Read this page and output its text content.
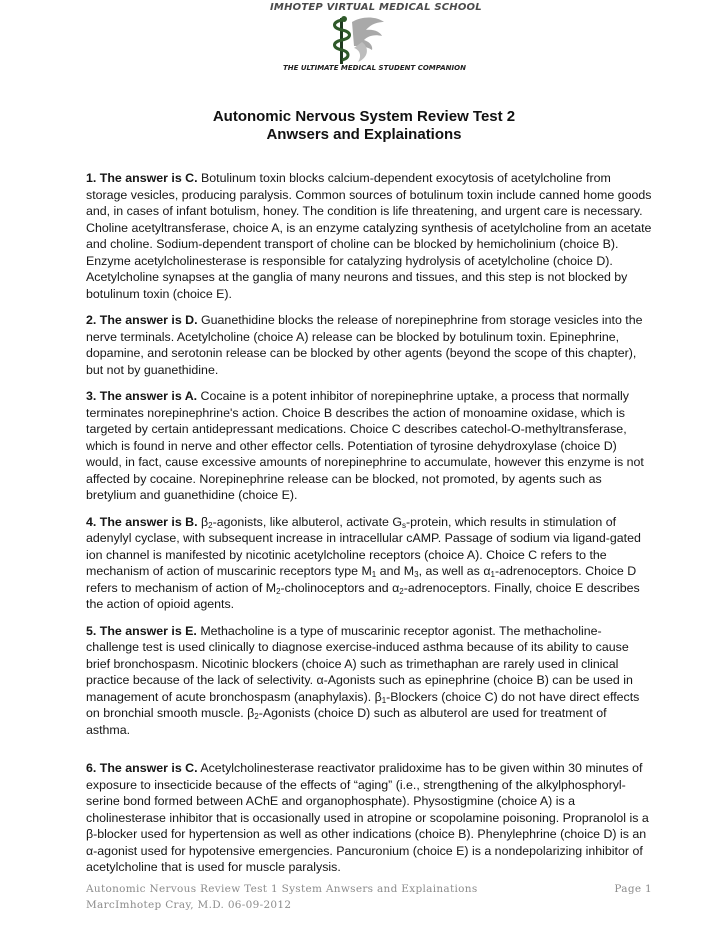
IMHOTEP VIRTUAL MEDICAL SCHOOL
THE ULTIMATE MEDICAL STUDENT COMPANION
Autonomic Nervous System Review Test 2
Anwsers and Explainations

1. The answer is C. Botulinum toxin blocks calcium-dependent exocytosis of acetylcholine from storage vesicles, producing paralysis. Common sources of botulinum toxin include canned home goods and, in cases of infant botulism, honey. The condition is life threatening, and urgent care is necessary. Choline acetyltransferase, choice A, is an enzyme catalyzing synthesis of acetylcholine from an acetate and choline. Sodium-dependent transport of choline can be blocked by hemicholinium (choice B). Enzyme acetylcholinesterase is responsible for catalyzing hydrolysis of acetylcholine (choice D). Acetylcholine synapses at the ganglia of many neurons and tissues, and this step is not blocked by botulinum toxin (choice E).

2. The answer is D. Guanethidine blocks the release of norepinephrine from storage vesicles into the nerve terminals. Acetylcholine (choice A) release can be blocked by botulinum toxin. Epinephrine, dopamine, and serotonin release can be blocked by other agents (beyond the scope of this chapter), but not by guanethidine.

3. The answer is A. Cocaine is a potent inhibitor of norepinephrine uptake, a process that normally terminates norepinephrine's action. Choice B describes the action of monoamine oxidase, which is targeted by certain antidepressant medications. Choice C describes catechol-O-methyltransferase, which is found in nerve and other effector cells. Potentiation of tyrosine dehydroxylase (choice D) would, in fact, cause excessive amounts of norepinephrine to accumulate, however this enzyme is not affected by cocaine. Norepinephrine release can be blocked, not promoted, by agents such as bretylium and guanethidine (choice E).

4. The answer is B. $\beta_2$-agonists, like albuterol, activate $G_s$-protein, which results in stimulation of adenylyl cyclase, with subsequent increase in intracellular cAMP. Passage of sodium via ligand-gated ion channel is manifested by nicotinic acetylcholine receptors (choice A). Choice C refers to the mechanism of action of muscarinic receptors type $M_1$ and $M_3$, as well as $\alpha_1$-adrenoceptors. Choice D refers to mechanism of action of $M_2$-cholinoceptors and $\alpha_2$-adrenoceptors. Finally, choice E describes the action of opioid agents.

5. The answer is E. Methacholine is a type of muscarinic receptor agonist. The methacholine-challenge test is used clinically to diagnose exercise-induced asthma because of its ability to cause brief bronchospasm. Nicotinic blockers (choice A) such as trimethaphan are rarely used in clinical practice because of the lack of selectivity. α-Agonists such as epinephrine (choice B) can be used in management of acute bronchospasm (anaphylaxis). $\beta_1$-Blockers (choice C) do not have direct effects on bronchial smooth muscle. $\beta_2$-Agonists (choice D) such as albuterol are used for treatment of asthma.

6. The answer is C. Acetylcholinesterase reactivator pralidoxime has to be given within 30 minutes of exposure to insecticide because of the effects of “aging” (i.e., strengthening of the alkylphosphoryl-serine bond formed between AChE and organophosphate). Physostigmine (choice A) is a cholinesterase inhibitor that is occasionally used in atropine or scopolamine poisoning. Propranolol is a β-blocker used for hypertension as well as other indications (choice B). Phenylephrine (choice D) is an α-agonist used for hypotensive emergencies. Pancuronium (choice E) is a nondepolarizing inhibitor of acetylcholine that is used for muscle paralysis.

Autonomic Nervous Review Test 1 System Anwsers and Explainations
MarcImhotep Cray, M.D. 06-09-2012
Page 1
